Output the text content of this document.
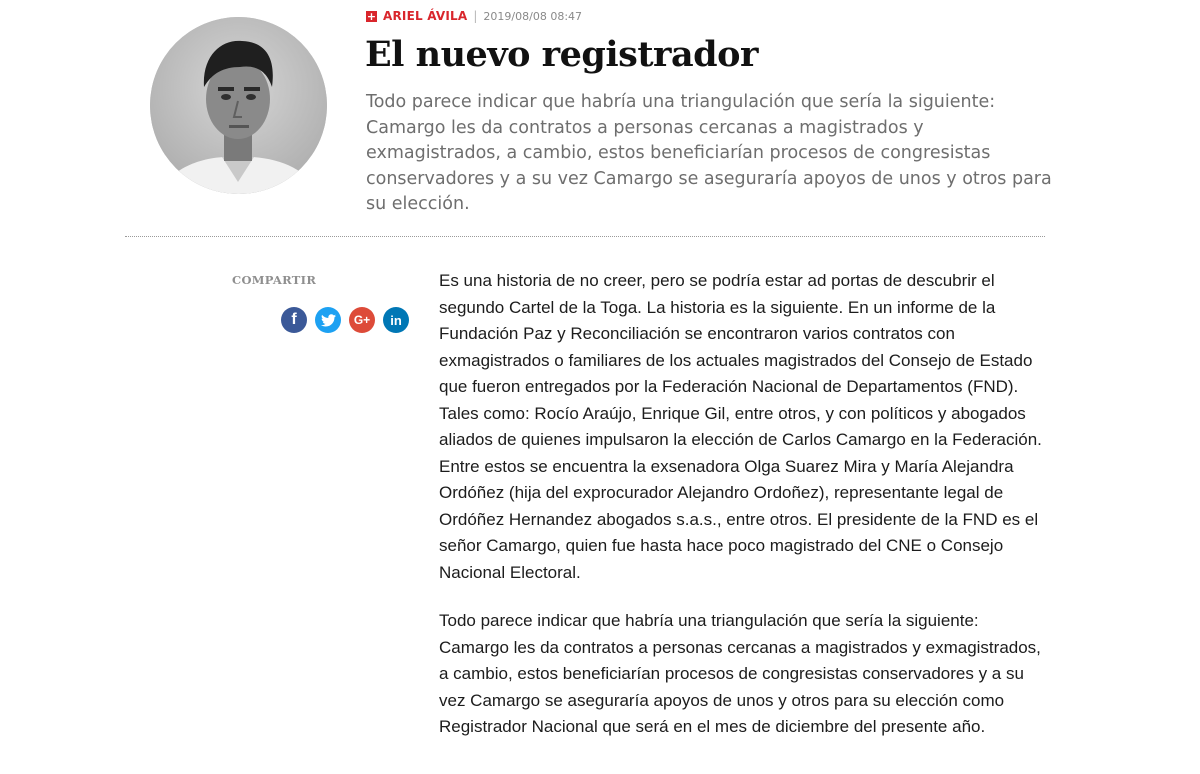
+ ARIEL ÁVILA | 2019/08/08 08:47
El nuevo registrador

Todo parece indicar que habría una triangulación que sería la siguiente: Camargo les da contratos a personas cercanas a magistrados y exmagistrados, a cambio, estos beneficiarían procesos de congresistas conservadores y a su vez Camargo se aseguraría apoyos de unos y otros para su elección.

COMPARTIR
f	G+	in

Es una historia de no creer, pero se podría estar ad portas de descubrir el segundo Cartel de la Toga. La historia es la siguiente. En un informe de la Fundación Paz y Reconciliación se encontraron varios contratos con exmagistrados o familiares de los actuales magistrados del Consejo de Estado que fueron entregados por la Federación Nacional de Departamentos (FND). Tales como: Rocío Araújo, Enrique Gil, entre otros, y con políticos y abogados aliados de quienes impulsaron la elección de Carlos Camargo en la Federación. Entre estos se encuentra la exsenadora Olga Suarez Mira y María Alejandra Ordóñez (hija del exprocurador Alejandro Ordoñez), representante legal de Ordóñez Hernandez abogados s.a.s., entre otros. El presidente de la FND es el señor Camargo, quien fue hasta hace poco magistrado del CNE o Consejo Nacional Electoral.

Todo parece indicar que habría una triangulación que sería la siguiente: Camargo les da contratos a personas cercanas a magistrados y exmagistrados, a cambio, estos beneficiarían procesos de congresistas conservadores y a su vez Camargo se aseguraría apoyos de unos y otros para su elección como Registrador Nacional que será en el mes de diciembre del presente año.
